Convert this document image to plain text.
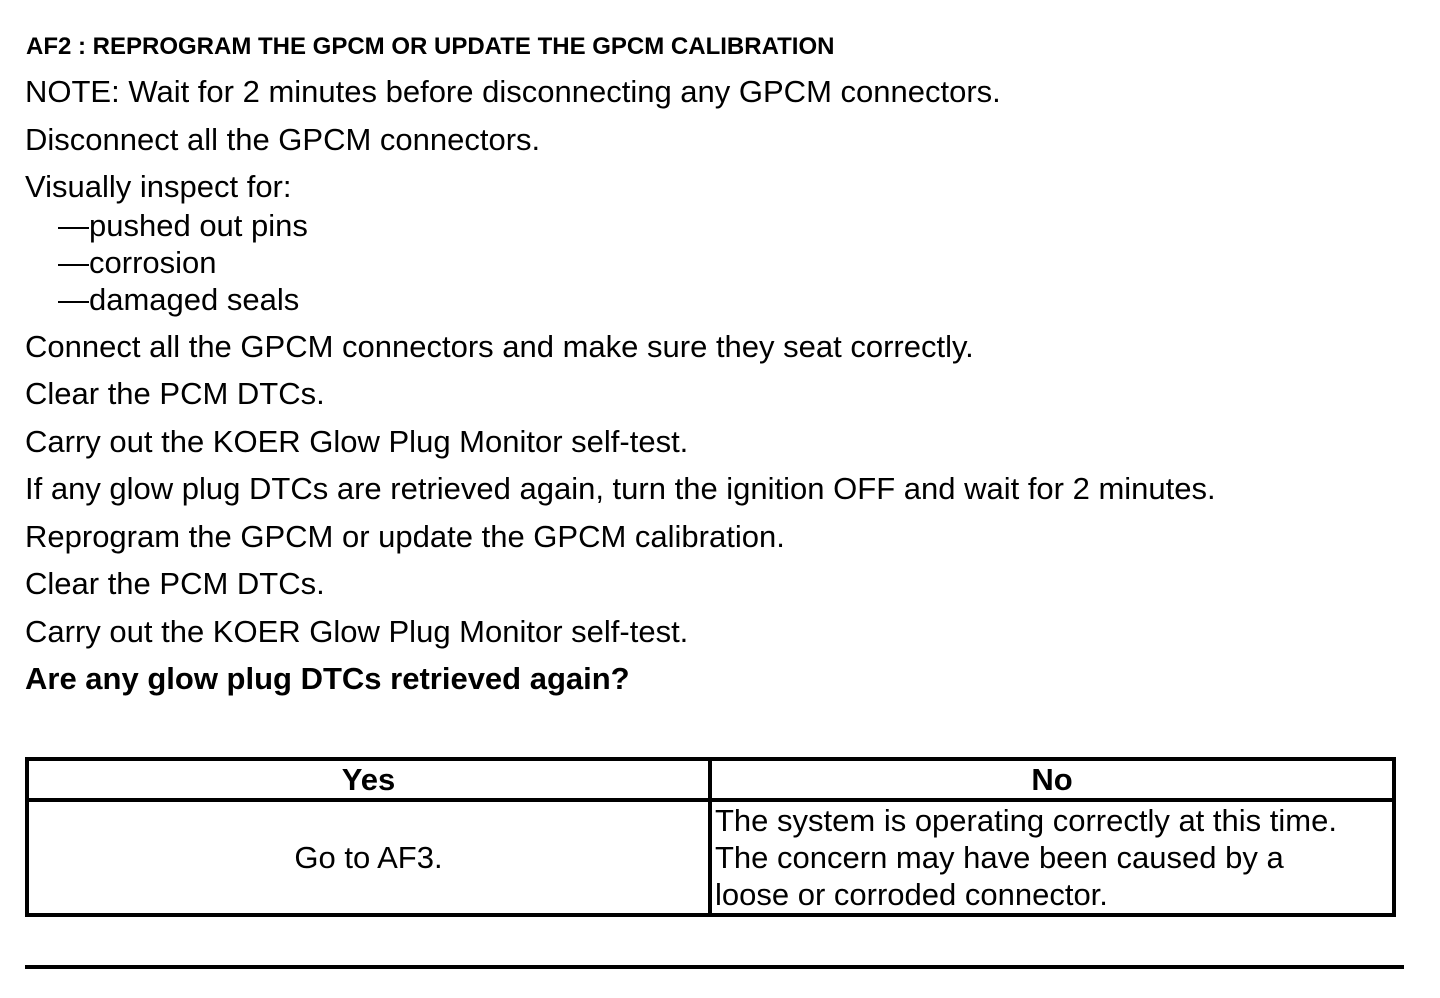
AF2 : REPROGRAM THE GPCM OR UPDATE THE GPCM CALIBRATION
NOTE: Wait for 2 minutes before disconnecting any GPCM connectors.
Disconnect all the GPCM connectors.
Visually inspect for:
—pushed out pins
—corrosion
—damaged seals
Connect all the GPCM connectors and make sure they seat correctly.
Clear the PCM DTCs.
Carry out the KOER Glow Plug Monitor self-test.
If any glow plug DTCs are retrieved again, turn the ignition OFF and wait for 2 minutes.
Reprogram the GPCM or update the GPCM calibration.
Clear the PCM DTCs.
Carry out the KOER Glow Plug Monitor self-test.
Are any glow plug DTCs retrieved again?
Yes	No
Go to AF3.	The system is operating correctly at this time.
The concern may have been caused by a
loose or corroded connector.
